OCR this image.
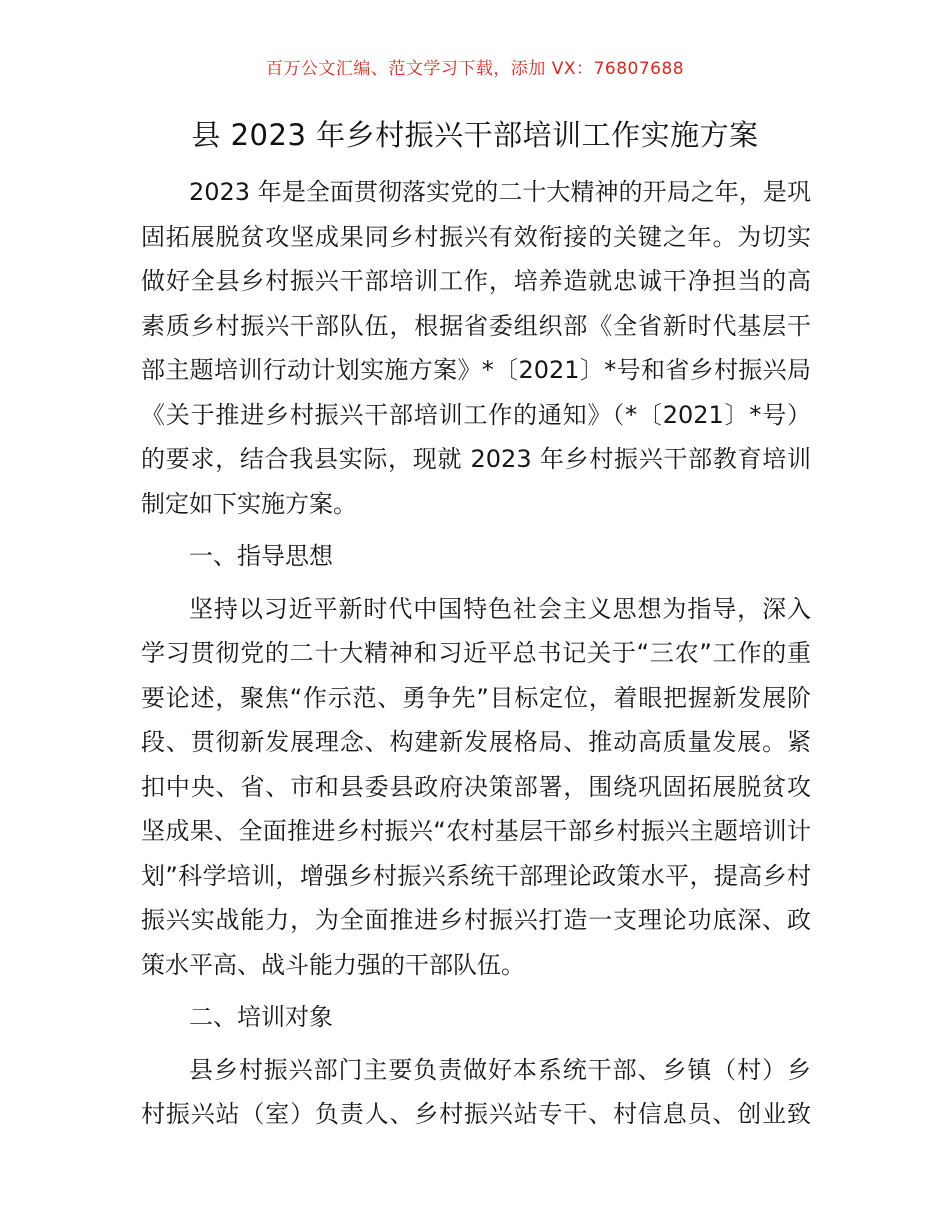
百万公文汇编、范文学习下载，添加 VX：76807688
县 2023 年乡村振兴干部培训工作实施方案

2023 年是全面贯彻落实党的二十大精神的开局之年，是巩固拓展脱贫攻坚成果同乡村振兴有效衔接的关键之年。为切实做好全县乡村振兴干部培训工作，培养造就忠诚干净担当的高素质乡村振兴干部队伍，根据省委组织部《全省新时代基层干部主题培训行动计划实施方案》*〔2021〕*号和省乡村振兴局《关于推进乡村振兴干部培训工作的通知》（*〔2021〕*号）的要求，结合我县实际，现就 2023 年乡村振兴干部教育培训制定如下实施方案。

一、指导思想

坚持以习近平新时代中国特色社会主义思想为指导，深入学习贯彻党的二十大精神和习近平总书记关于“三农”工作的重要论述，聚焦“作示范、勇争先”目标定位，着眼把握新发展阶段、贯彻新发展理念、构建新发展格局、推动高质量发展。紧扣中央、省、市和县委县政府决策部署，围绕巩固拓展脱贫攻坚成果、全面推进乡村振兴“农村基层干部乡村振兴主题培训计划”科学培训，增强乡村振兴系统干部理论政策水平，提高乡村振兴实战能力，为全面推进乡村振兴打造一支理论功底深、政策水平高、战斗能力强的干部队伍。

二、培训对象

县乡村振兴部门主要负责做好本系统干部、乡镇（村）乡村振兴站（室）负责人、乡村振兴站专干、村信息员、创业致
